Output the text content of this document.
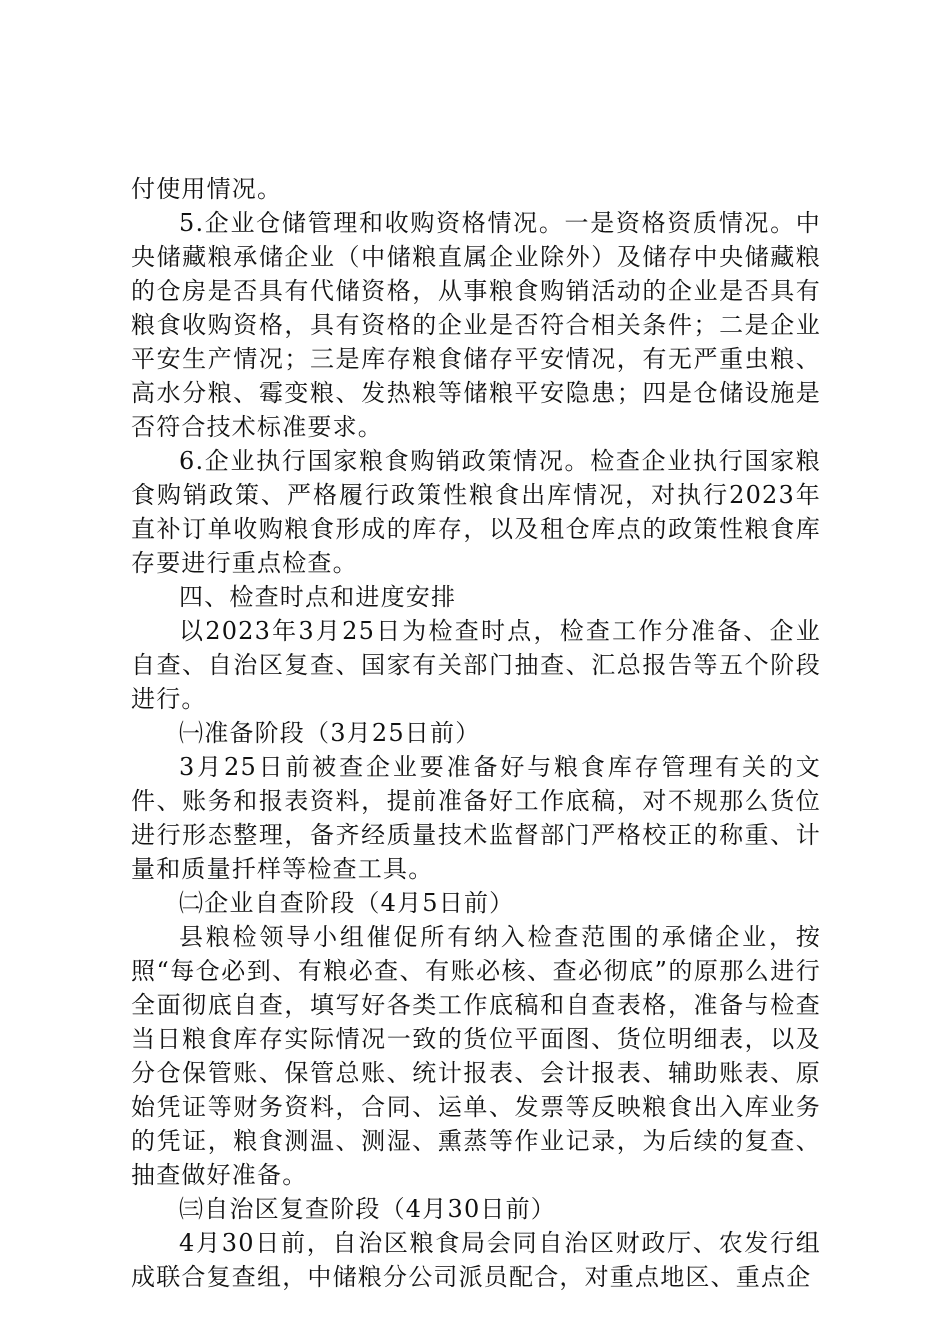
付使用情况。

5.企业仓储管理和收购资格情况。一是资格资质情况。中央储藏粮承储企业（中储粮直属企业除外）及储存中央储藏粮的仓房是否具有代储资格，从事粮食购销活动的企业是否具有粮食收购资格，具有资格的企业是否符合相关条件；二是企业平安生产情况；三是库存粮食储存平安情况，有无严重虫粮、高水分粮、霉变粮、发热粮等储粮平安隐患；四是仓储设施是否符合技术标准要求。

6.企业执行国家粮食购销政策情况。检查企业执行国家粮食购销政策、严格履行政策性粮食出库情况，对执行2023年直补订单收购粮食形成的库存，以及租仓库点的政策性粮食库存要进行重点检查。

四、检查时点和进度安排

以2023年3月25日为检查时点，检查工作分准备、企业自查、自治区复查、国家有关部门抽查、汇总报告等五个阶段进行。

㈠准备阶段（3月25日前）

3月25日前被查企业要准备好与粮食库存管理有关的文件、账务和报表资料，提前准备好工作底稿，对不规那么货位进行形态整理，备齐经质量技术监督部门严格校正的称重、计量和质量扦样等检查工具。

㈡企业自查阶段（4月5日前）

县粮检领导小组催促所有纳入检查范围的承储企业，按照“每仓必到、有粮必查、有账必核、查必彻底”的原那么进行全面彻底自查，填写好各类工作底稿和自查表格，准备与检查当日粮食库存实际情况一致的货位平面图、货位明细表，以及分仓保管账、保管总账、统计报表、会计报表、辅助账表、原始凭证等财务资料，合同、运单、发票等反映粮食出入库业务的凭证，粮食测温、测湿、熏蒸等作业记录，为后续的复查、抽查做好准备。

㈢自治区复查阶段（4月30日前）

4月30日前，自治区粮食局会同自治区财政厅、农发行组成联合复查组，中储粮分公司派员配合，对重点地区、重点企
